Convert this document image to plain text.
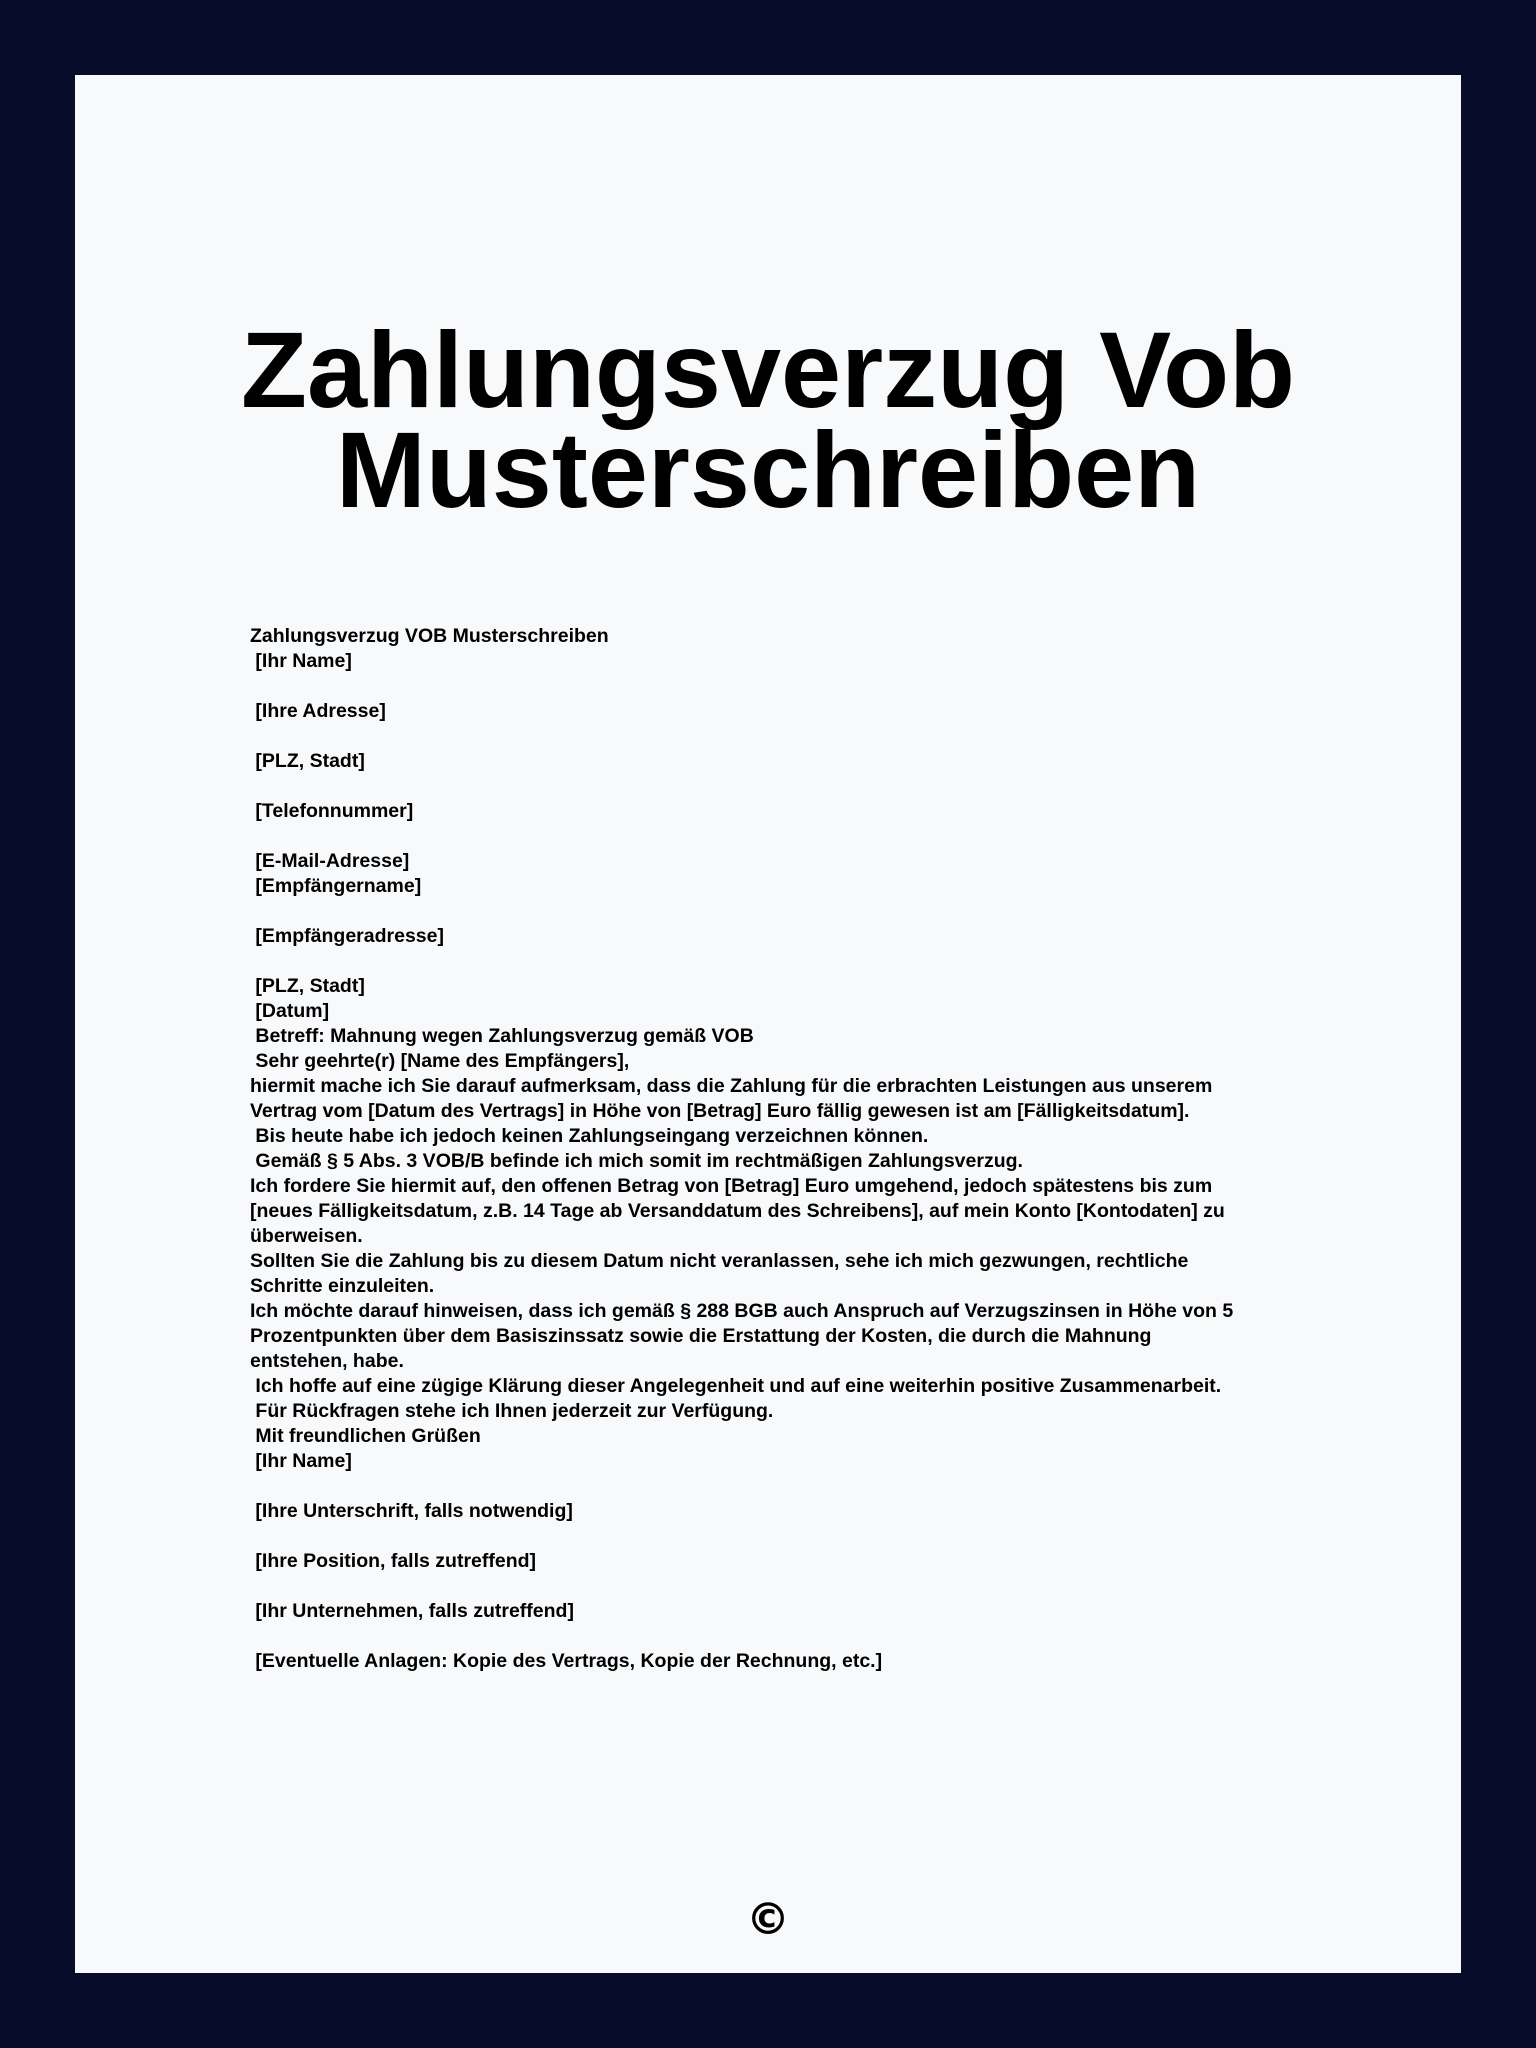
Zahlungsverzug Vob Musterschreiben
Zahlungsverzug VOB Musterschreiben
[Ihr Name]

[Ihre Adresse]

[PLZ, Stadt]

[Telefonnummer]

[E-Mail-Adresse]
[Empfängername]

[Empfängeradresse]

[PLZ, Stadt]
[Datum]
Betreff: Mahnung wegen Zahlungsverzug gemäß VOB
Sehr geehrte(r) [Name des Empfängers],
hiermit mache ich Sie darauf aufmerksam, dass die Zahlung für die erbrachten Leistungen aus unserem
Vertrag vom [Datum des Vertrags] in Höhe von [Betrag] Euro fällig gewesen ist am [Fälligkeitsdatum].
Bis heute habe ich jedoch keinen Zahlungseingang verzeichnen können.
Gemäß § 5 Abs. 3 VOB/B befinde ich mich somit im rechtmäßigen Zahlungsverzug.
Ich fordere Sie hiermit auf, den offenen Betrag von [Betrag] Euro umgehend, jedoch spätestens bis zum
[neues Fälligkeitsdatum, z.B. 14 Tage ab Versanddatum des Schreibens], auf mein Konto [Kontodaten] zu
überweisen.
Sollten Sie die Zahlung bis zu diesem Datum nicht veranlassen, sehe ich mich gezwungen, rechtliche
Schritte einzuleiten.
Ich möchte darauf hinweisen, dass ich gemäß § 288 BGB auch Anspruch auf Verzugszinsen in Höhe von 5
Prozentpunkten über dem Basiszinssatz sowie die Erstattung der Kosten, die durch die Mahnung
entstehen, habe.
Ich hoffe auf eine zügige Klärung dieser Angelegenheit und auf eine weiterhin positive Zusammenarbeit.
Für Rückfragen stehe ich Ihnen jederzeit zur Verfügung.
Mit freundlichen Grüßen
[Ihr Name]

[Ihre Unterschrift, falls notwendig]

[Ihre Position, falls zutreffend]

[Ihr Unternehmen, falls zutreffend]

[Eventuelle Anlagen: Kopie des Vertrags, Kopie der Rechnung, etc.]
©
